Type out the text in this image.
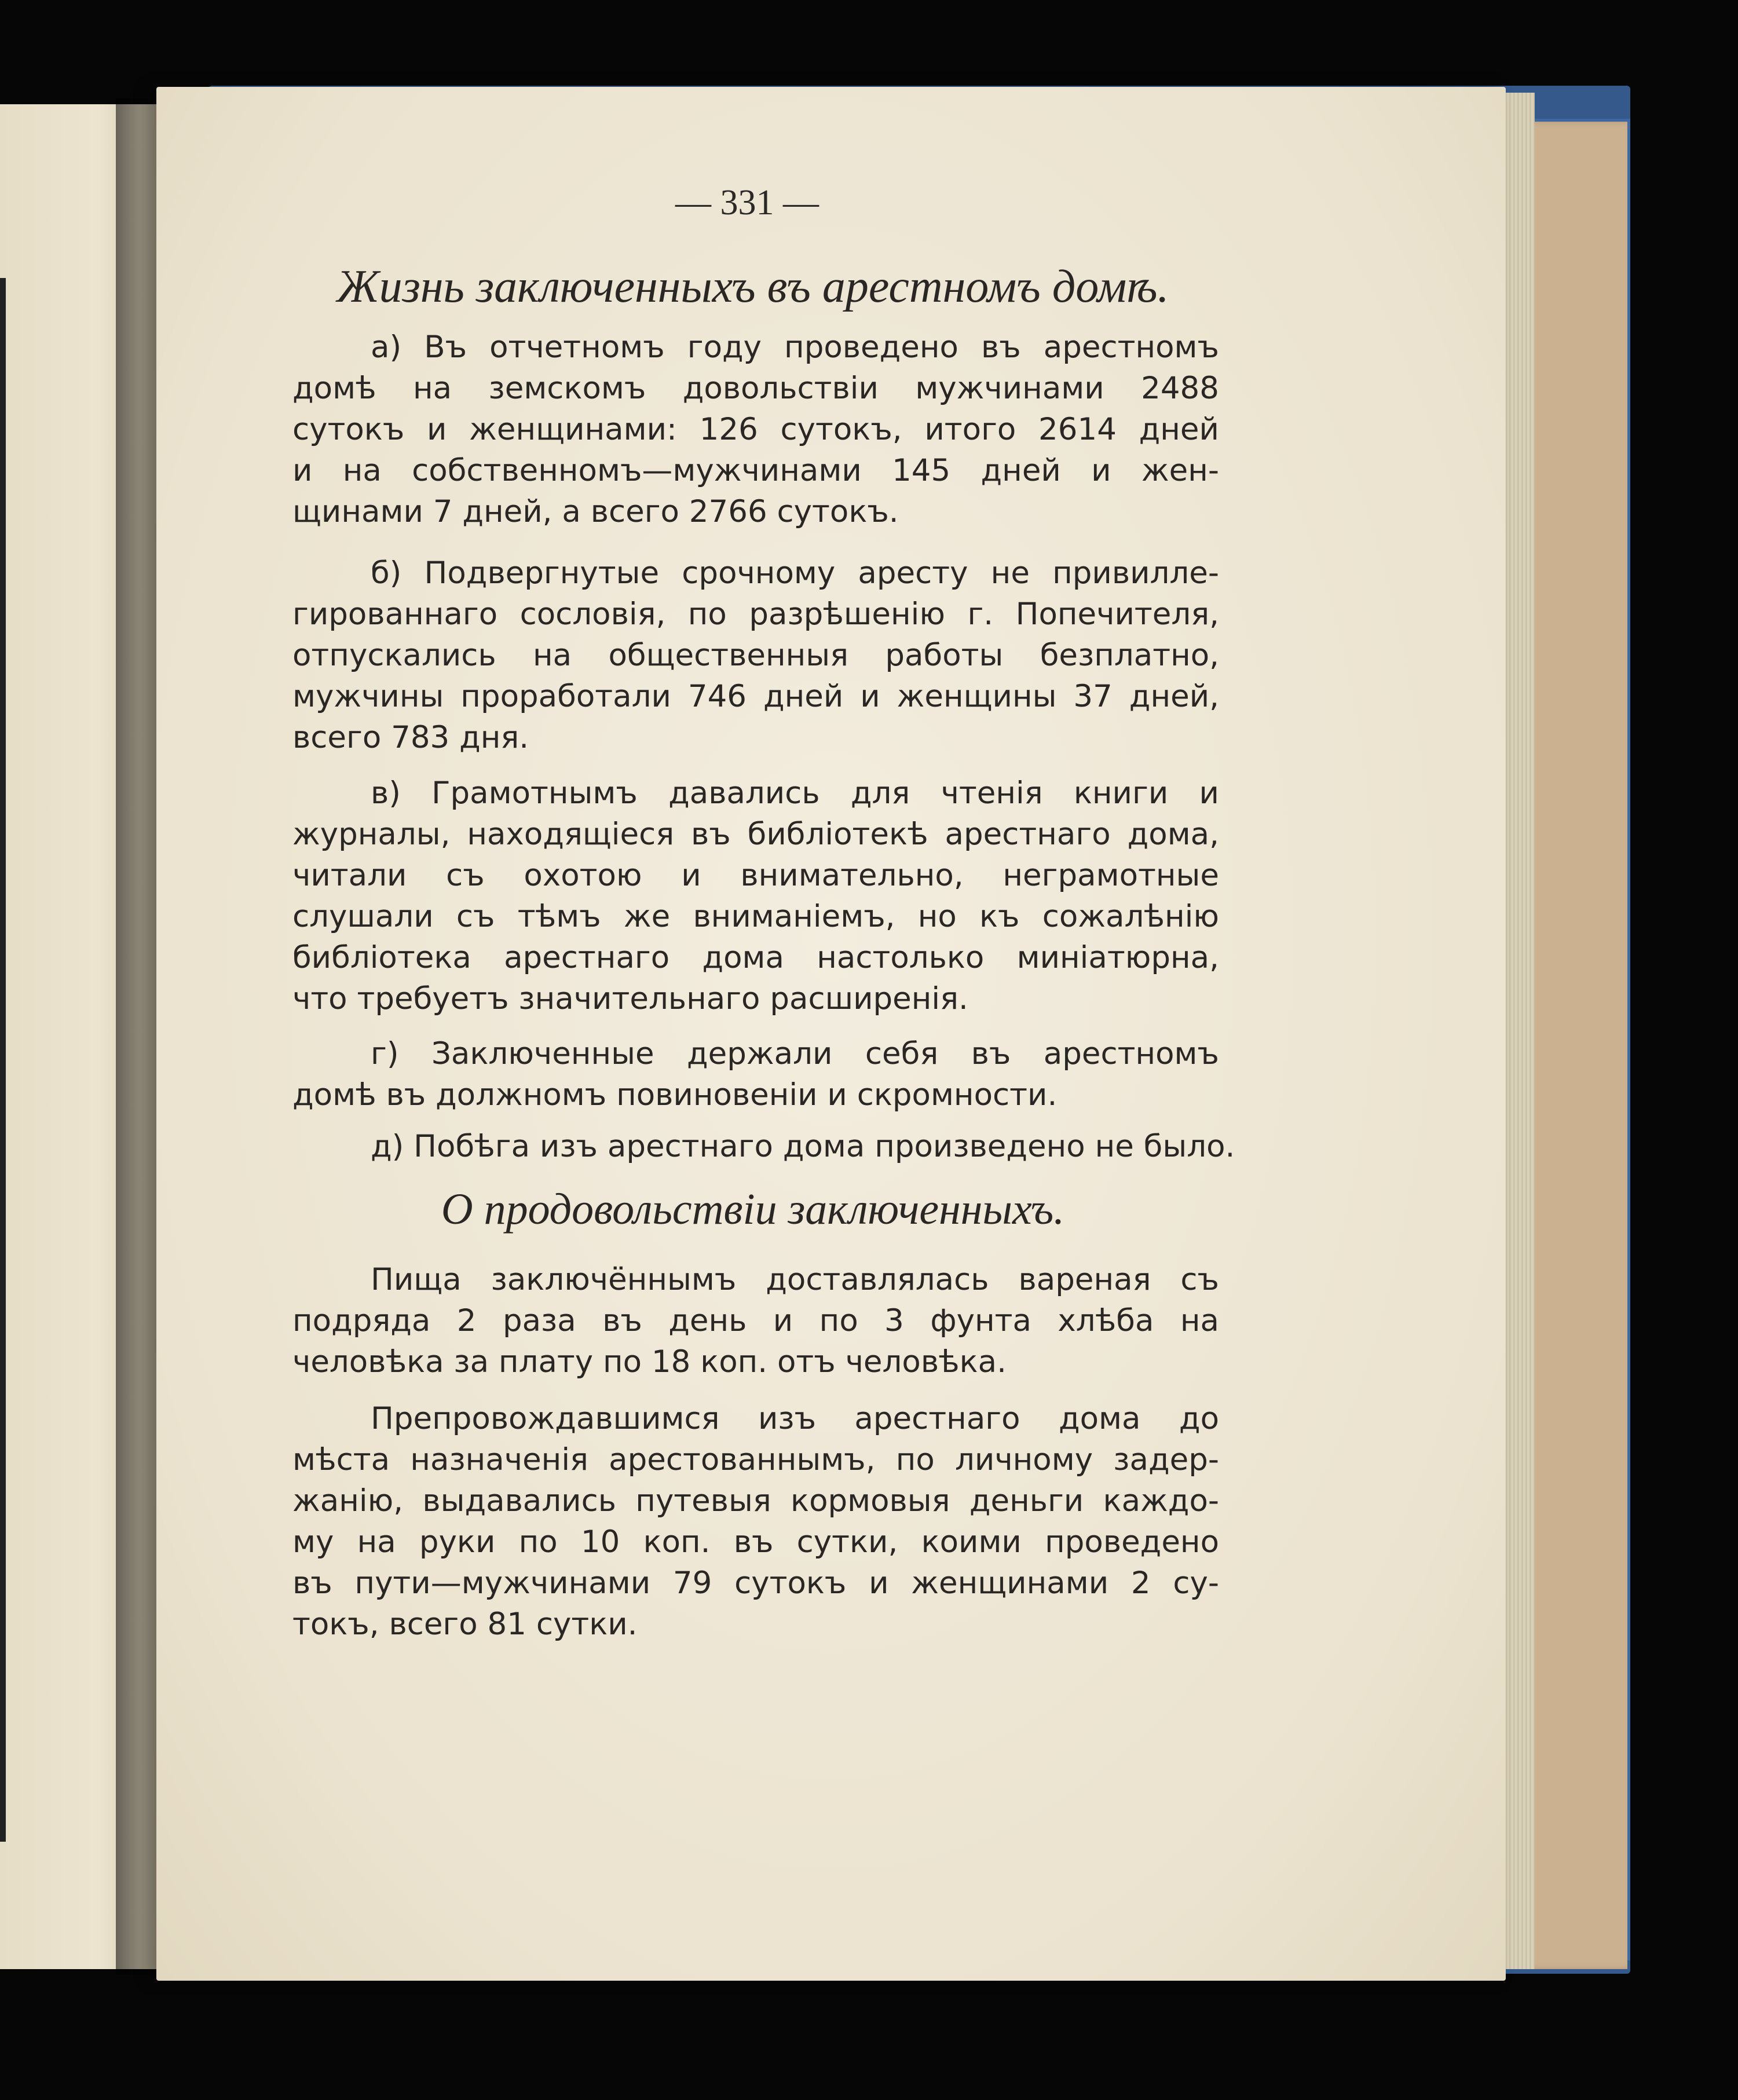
— 331 —
Жизнь заключенныхъ въ арестномъ домѣ.
а) Въ отчетномъ году проведено въ арестномъ
домѣ на земскомъ довольствіи мужчинами 2488
сутокъ и женщинами: 126 сутокъ, итого 2614 дней
и на собственномъ—мужчинами 145 дней и жен-
щинами 7 дней, а всего 2766 сутокъ.
б) Подвергнутые срочному аресту не привилле-
гированнаго сословія, по разрѣшенію г. Попечителя,
отпускались на общественныя работы безплатно,
мужчины проработали 746 дней и женщины 37 дней,
всего 783 дня.
в) Грамотнымъ давались для чтенія книги и
журналы, находящіеся въ библіотекѣ арестнаго дома,
читали съ охотою и внимательно, неграмотные
слушали съ тѣмъ же вниманіемъ, но къ сожалѣнію
библіотека арестнаго дома настолько миніатюрна,
что требуетъ значительнаго расширенія.
г) Заключенные держали себя въ арестномъ
домѣ въ должномъ повиновеніи и скромности.
д) Побѣга изъ арестнаго дома произведено не было.
О продовольствіи заключенныхъ.
Пища заключённымъ доставлялась вареная съ
подряда 2 раза въ день и по 3 фунта хлѣба на
человѣка за плату по 18 коп. отъ человѣка.
Препровождавшимся изъ арестнаго дома до
мѣста назначенія арестованнымъ, по личному задер-
жанію, выдавались путевыя кормовыя деньги каждо-
му на руки по 10 коп. въ сутки, коими проведено
въ пути—мужчинами 79 сутокъ и женщинами 2 су-
токъ, всего 81 сутки.
